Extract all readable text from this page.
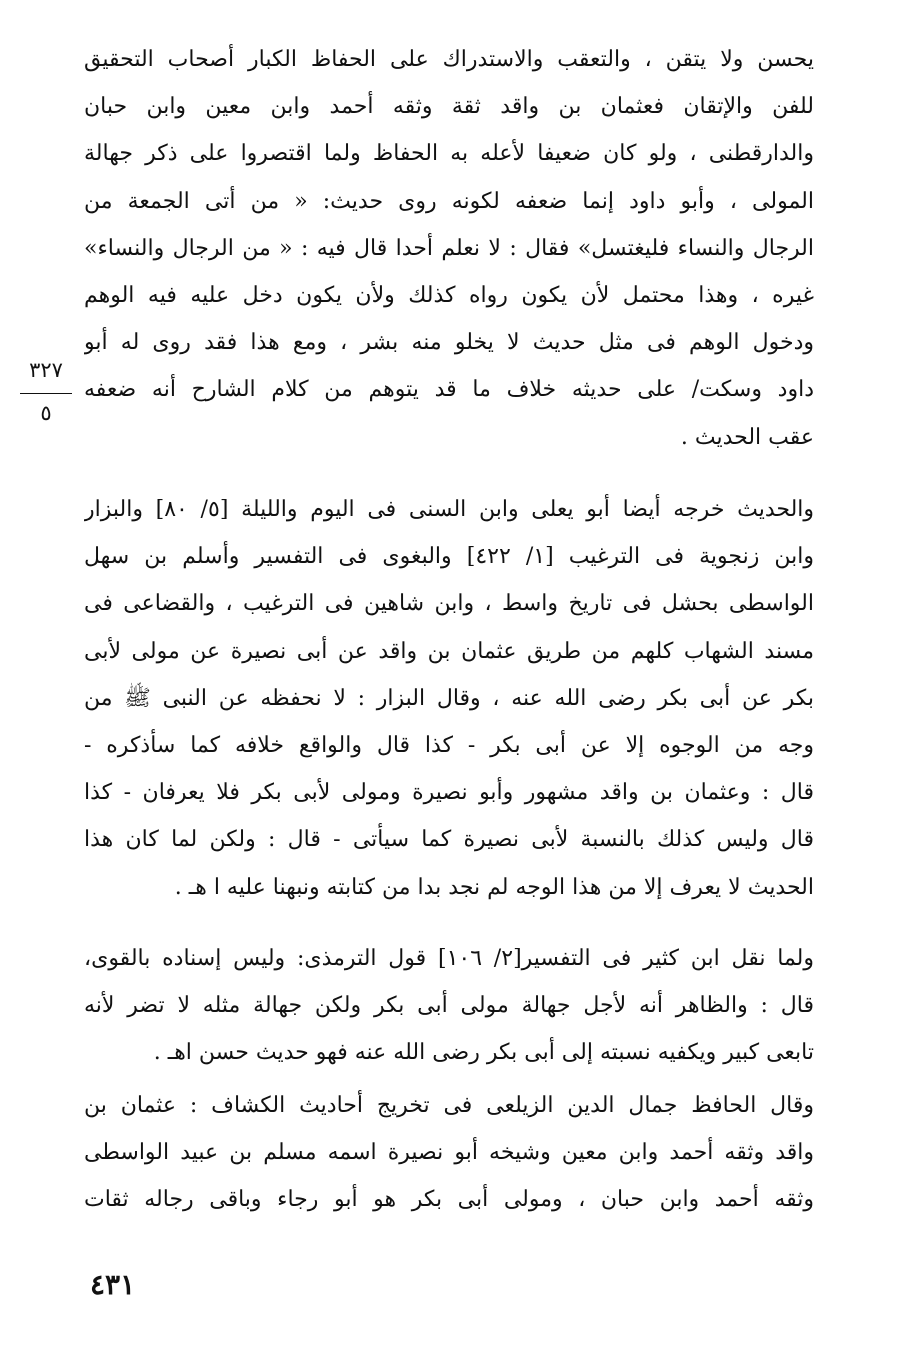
يحسن ولا يتقن ، والتعقب والاستدراك على الحفاظ الكبار أصحاب التحقيق
للفن والإتقان فعثمان بن واقد ثقة وثقه أحمد وابن معين وابن حبان
والدارقطنى ، ولو كان ضعيفا لأعله به الحفاظ ولما اقتصروا على ذكر جهالة
المولى ، وأبو داود إنما ضعفه لكونه روى حديث: « من أتى الجمعة من
الرجال والنساء فليغتسل» فقال : لا نعلم أحدا قال فيه : « من الرجال والنساء»
غيره ، وهذا محتمل لأن يكون رواه كذلك ولأن يكون دخل عليه فيه الوهم
ودخول الوهم فى مثل حديث لا يخلو منه بشر ، ومع هذا فقد روى له أبو
داود وسكت/ على حديثه خلاف ما قد يتوهم من كلام الشارح أنه ضعفه
عقب الحديث .
٣٢٧
٥
والحديث خرجه أيضا أبو يعلى وابن السنى فى اليوم والليلة [٥/ ٨٠] والبزار
وابن زنجوية فى الترغيب [١/ ٤٢٢] والبغوى فى التفسير وأسلم بن سهل
الواسطى بحشل فى تاريخ واسط ، وابن شاهين فى الترغيب ، والقضاعى فى
مسند الشهاب كلهم من طريق عثمان بن واقد عن أبى نصيرة عن مولى لأبى
بكر عن أبى بكر رضى الله عنه ، وقال البزار : لا نحفظه عن النبى ﷺ من
وجه من الوجوه إلا عن أبى بكر - كذا قال والواقع خلافه كما سأذكره -
قال : وعثمان بن واقد مشهور وأبو نصيرة ومولى لأبى بكر فلا يعرفان - كذا
قال وليس كذلك بالنسبة لأبى نصيرة كما سيأتى - قال : ولكن لما كان هذا
الحديث لا يعرف إلا من هذا الوجه لم نجد بدا من كتابته ونبهنا عليه ا هـ .
ولما نقل ابن كثير فى التفسير[٢/ ١٠٦] قول الترمذى: وليس إسناده بالقوى،
قال : والظاهر أنه لأجل جهالة مولى أبى بكر ولكن جهالة مثله لا تضر لأنه
تابعى كبير ويكفيه نسبته إلى أبى بكر رضى الله عنه فهو حديث حسن اهـ .
وقال الحافظ جمال الدين الزيلعى فى تخريج أحاديث الكشاف : عثمان بن
واقد وثقه أحمد وابن معين وشيخه أبو نصيرة اسمه مسلم بن عبيد الواسطى
وثقه أحمد وابن حبان ، ومولى أبى بكر هو أبو رجاء وباقى رجاله ثقات
٤٣١
